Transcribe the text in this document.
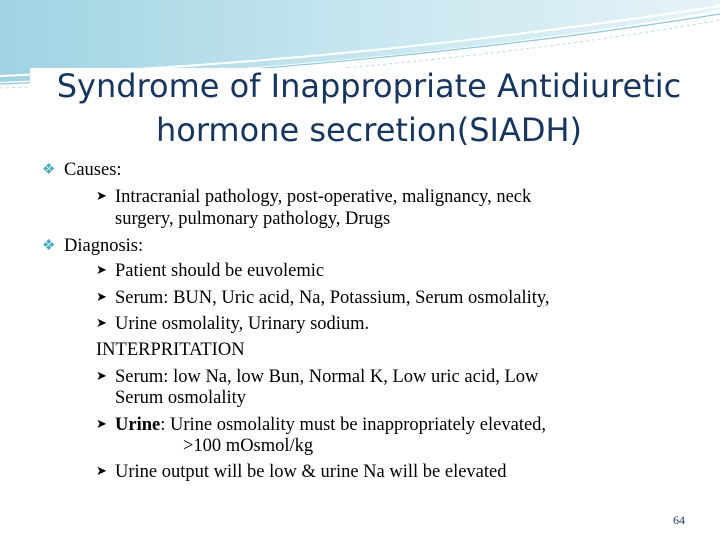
Syndrome of Inappropriate Antidiuretic hormone secretion(SIADH)
❖ Causes:
➤ Intracranial pathology, post-operative, malignancy, neck
surgery, pulmonary pathology, Drugs
❖ Diagnosis:
➤ Patient should be euvolemic
➤ Serum: BUN, Uric acid, Na, Potassium, Serum osmolality,
➤ Urine osmolality, Urinary sodium.
INTERPRITATION
➤ Serum: low Na, low Bun, Normal K, Low uric acid, Low
Serum osmolality
➤ Urine: Urine osmolality must be inappropriately elevated,
>100 mOsmol/kg
➤ Urine output will be low & urine Na will be elevated
64
